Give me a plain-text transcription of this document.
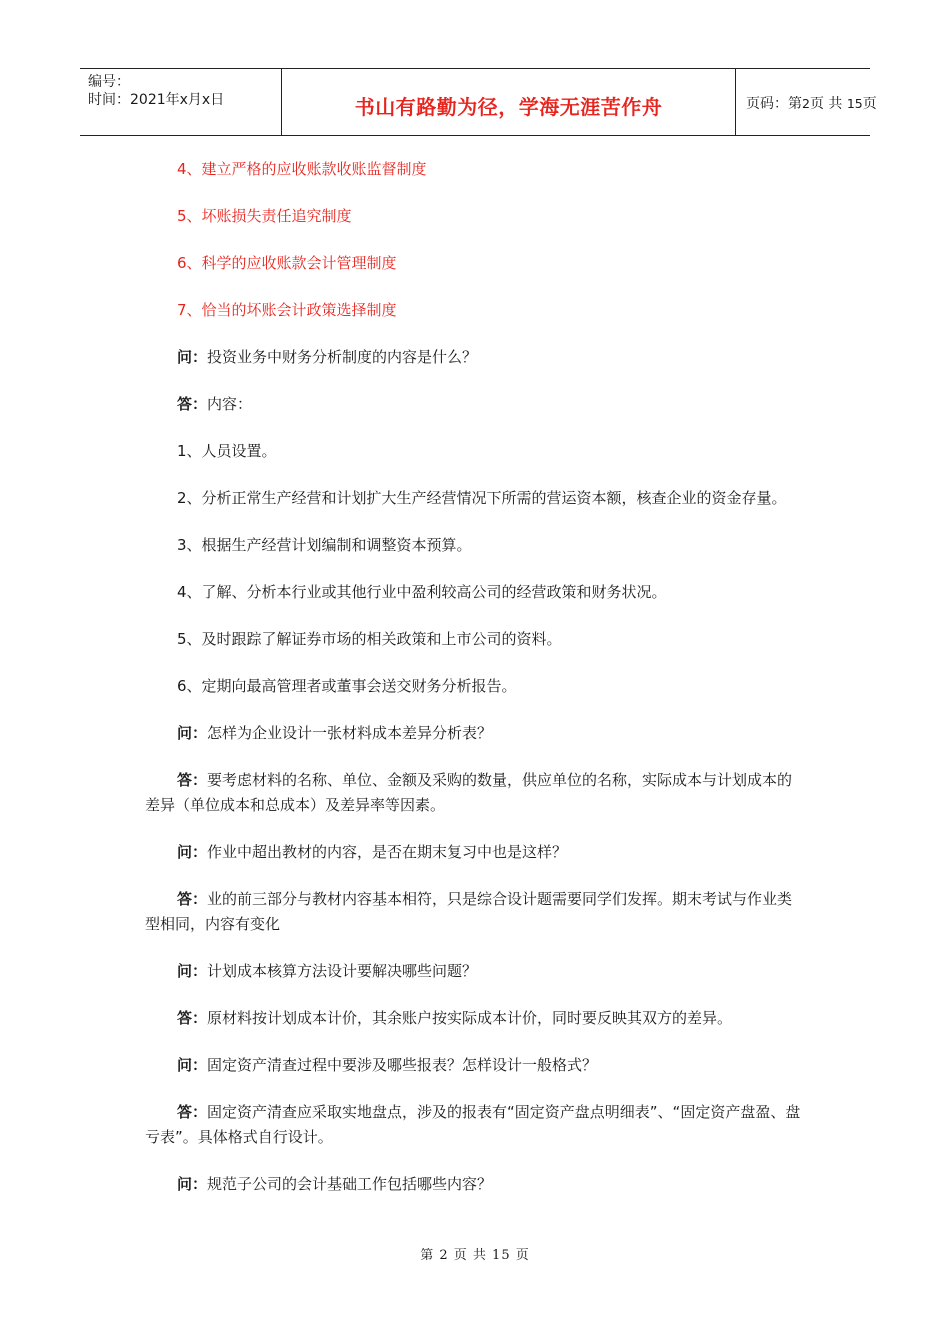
编号：
时间：2021年x月x日	书山有路勤为径，学海无涯苦作舟	页码：第 2 页 共
15 页
4、建立严格的应收账款收账监督制度
5、坏账损失责任追究制度
6、科学的应收账款会计管理制度
7、恰当的坏账会计政策选择制度
问：投资业务中财务分析制度的内容是什么？
答：内容：
1、人员设置。
2、分析正常生产经营和计划扩大生产经营情况下所需的营运资本额，核查企业的资金存量。
3、根据生产经营计划编制和调整资本预算。
4、了解、分析本行业或其他行业中盈利较高公司的经营政策和财务状况。
5、及时跟踪了解证券市场的相关政策和上市公司的资料。
6、定期向最高管理者或董事会送交财务分析报告。
问：怎样为企业设计一张材料成本差异分析表？
答：要考虑材料的名称、单位、金额及采购的数量，供应单位的名称，实际成本与计划成本的差异（单位成本和总成本）及差异率等因素。
问：作业中超出教材的内容，是否在期末复习中也是这样？
答：业的前三部分与教材内容基本相符，只是综合设计题需要同学们发挥。期末考试与作业类型相同，内容有变化
问：计划成本核算方法设计要解决哪些问题？
答：原材料按计划成本计价，其余账户按实际成本计价，同时要反映其双方的差异。
问：固定资产清查过程中要涉及哪些报表？怎样设计一般格式？
答：固定资产清查应采取实地盘点，涉及的报表有“固定资产盘点明细表”、“固定资产盘盈、盘亏表”。具体格式自行设计。
问：规范子公司的会计基础工作包括哪些内容？
第 2 页 共 15 页
